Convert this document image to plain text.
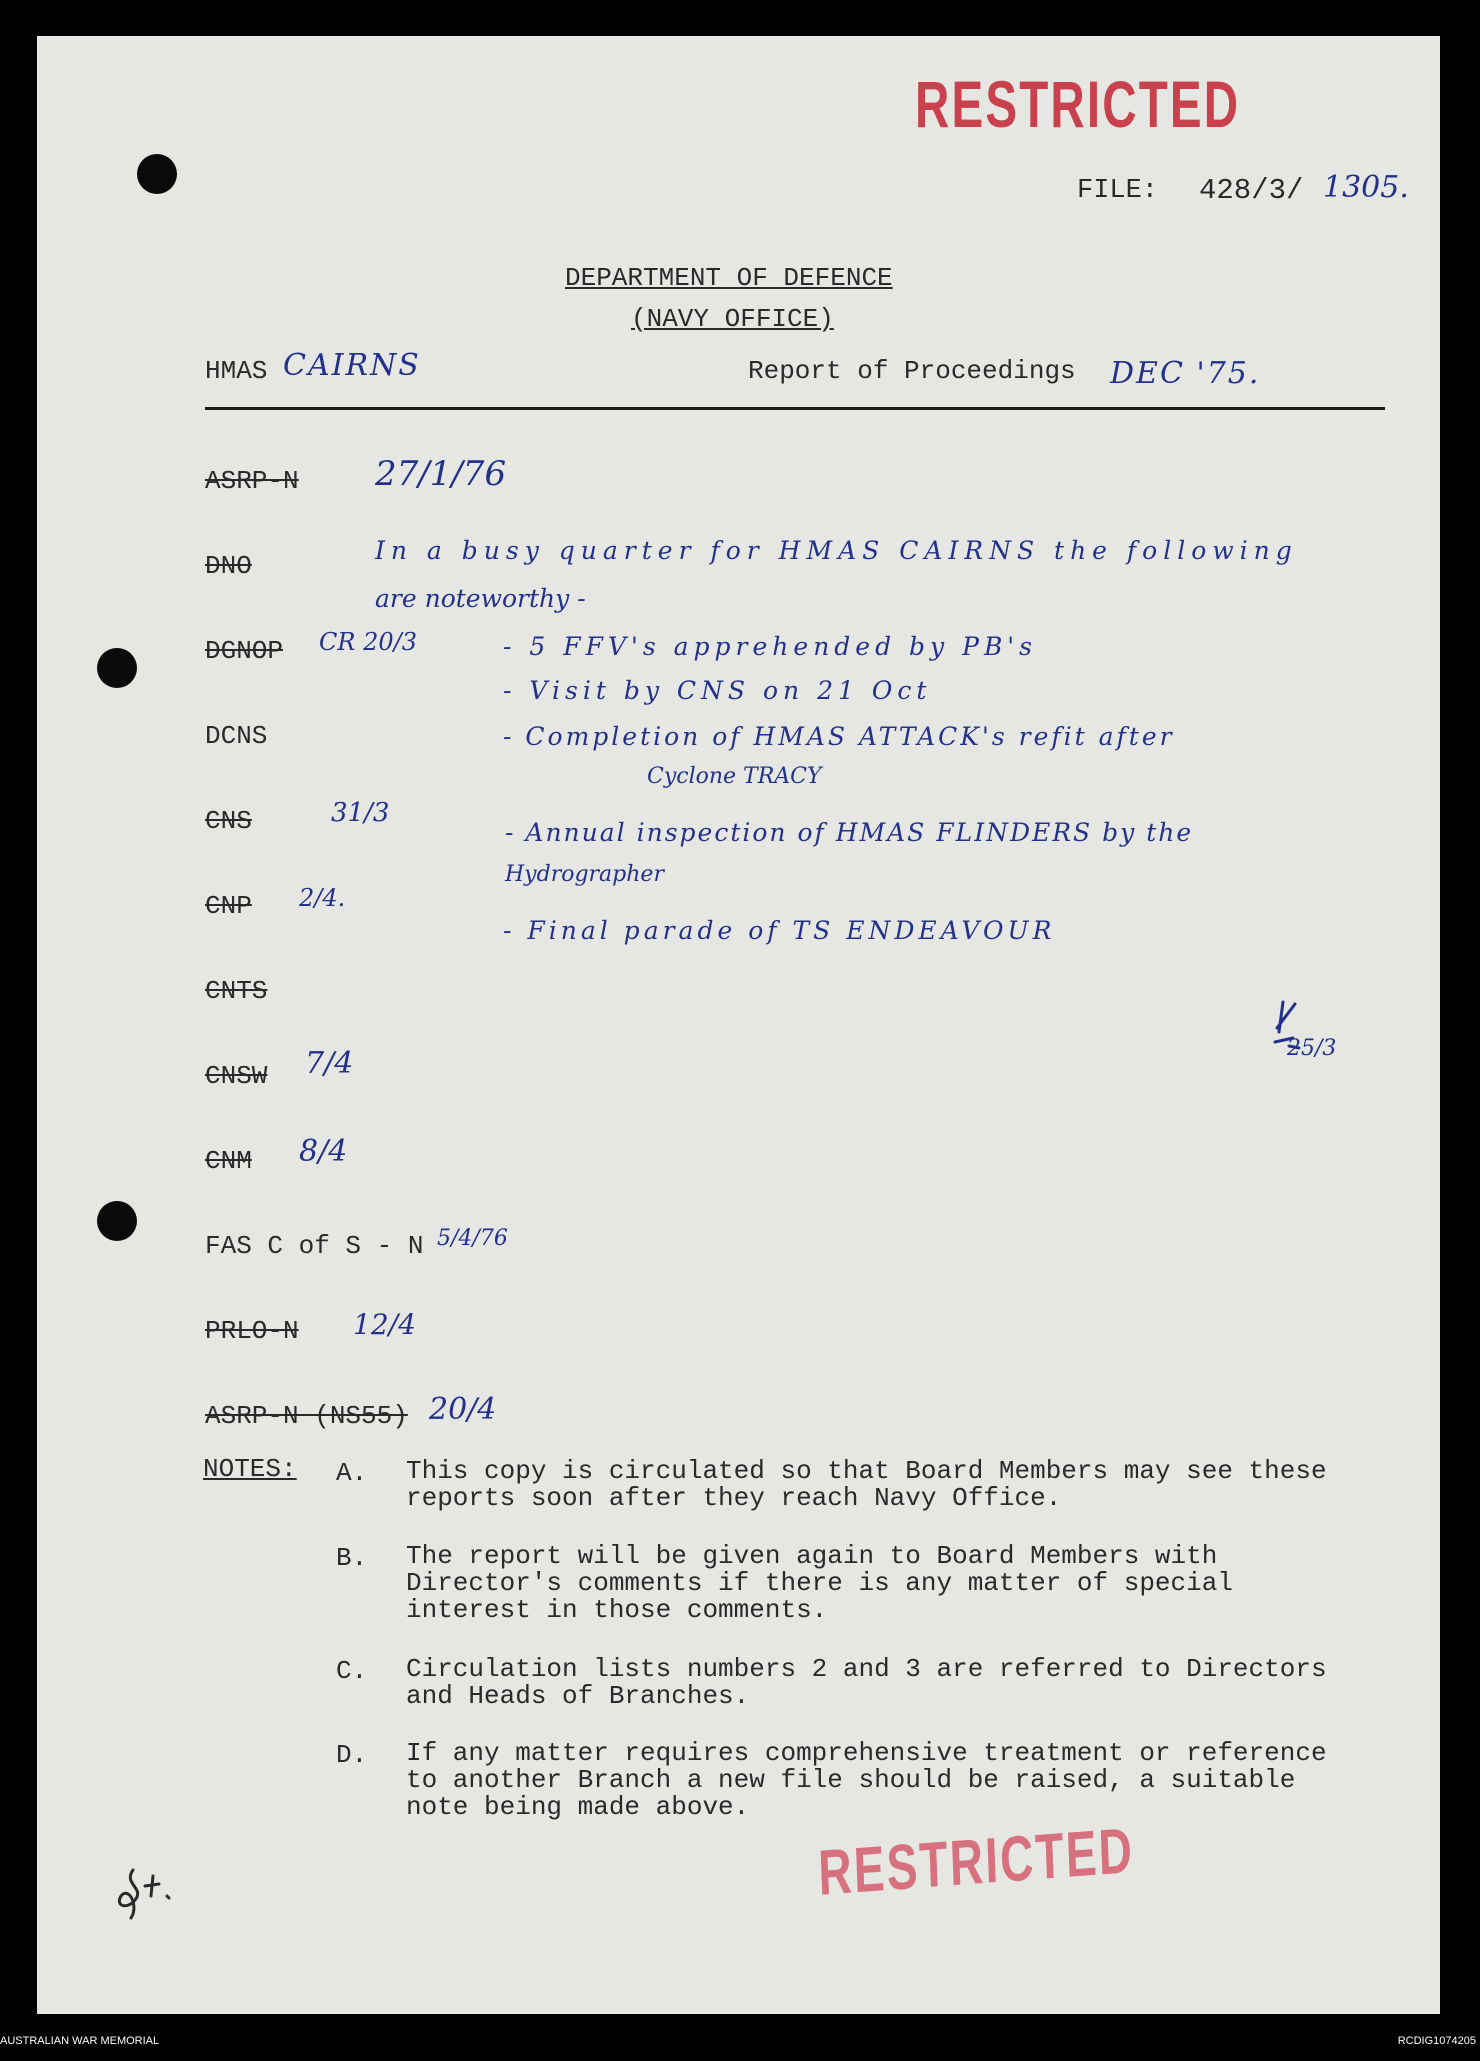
RESTRICTED
FILE: 428/3/ 1305.
DEPARTMENT OF DEFENCE
(NAVY OFFICE)
HMAS CAIRNS	Report of Proceedings DEC '75.
ASRP-N 27/1/76
DNO
DGNOP CR 20/3
DCNS
CNS	31/3
CNP 2/4.
CNTS
CNSW 7/4
CNM 8/4
FAS C of S - N 5/4/76
PRLO-N 12/4
ASRP-N (NS55) 20/4
In a busy quarter for HMAS CAIRNS the following
are noteworthy -
- 5 FFV's apprehended by PB's
- Visit by CNS on 21 Oct
- Completion of HMAS ATTACK's refit after
Cyclone TRACY
- Annual inspection of HMAS FLINDERS by the
Hydrographer
- Final parade of TS ENDEAVOUR
25/3
NOTES: A. This copy is circulated so that Board Members may see these reports soon after they reach Navy Office.
B. The report will be given again to Board Members with Director's comments if there is any matter of special interest in those comments.
C. Circulation lists numbers 2 and 3 are referred to Directors and Heads of Branches.
D. If any matter requires comprehensive treatment or reference to another Branch a new file should be raised, a suitable note being made above.
RESTRICTED
AUSTRALIAN WAR MEMORIAL	RCDIG1074205
